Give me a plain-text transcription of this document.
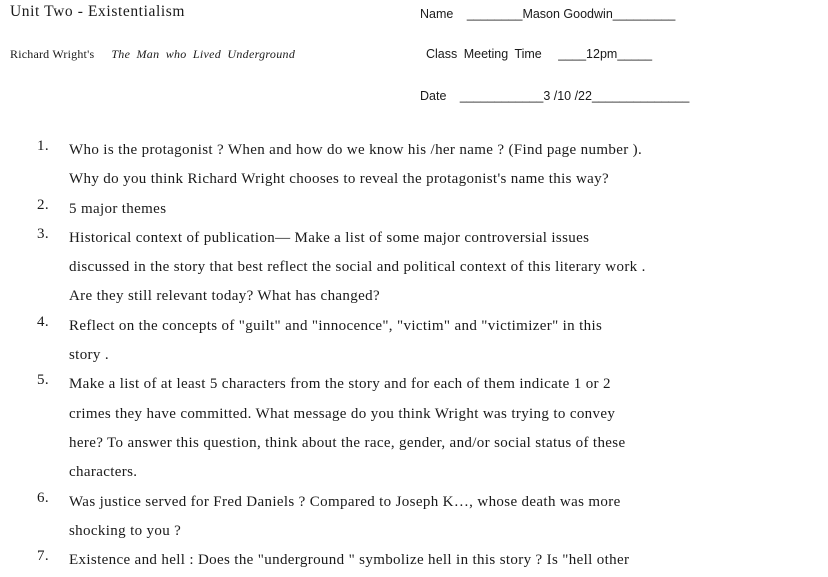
Unit Two - Existentialism
Richard Wright's The Man who Lived Underground
Name ________Mason Goodwin_________
Class Meeting Time ____12pm_____
Date ____________3 /10 /22______________
1.	Who is the protagonist ? When and how do we know his /her name ? (Find page number ).
Why do you think Richard Wright chooses to reveal the protagonist's name this way?
2.	5 major themes
3.	Historical context of publication— Make a list of some major controversial issues
discussed in the story that best reflect the social and political context of this literary work .
Are they still relevant today? What has changed?
4.	Reflect on the concepts of "guilt" and "innocence", "victim" and "victimizer" in this
story .
5.	Make a list of at least 5 characters from the story and for each of them indicate 1 or 2
crimes they have committed. What message do you think Wright was trying to convey
here? To answer this question, think about the race, gender, and/or social status of these
characters.
6.	Was justice served for Fred Daniels ? Compared to Joseph K…, whose death was more
shocking to you ?
7.	Existence and hell : Does the "underground " symbolize hell in this story ? Is "hell other
